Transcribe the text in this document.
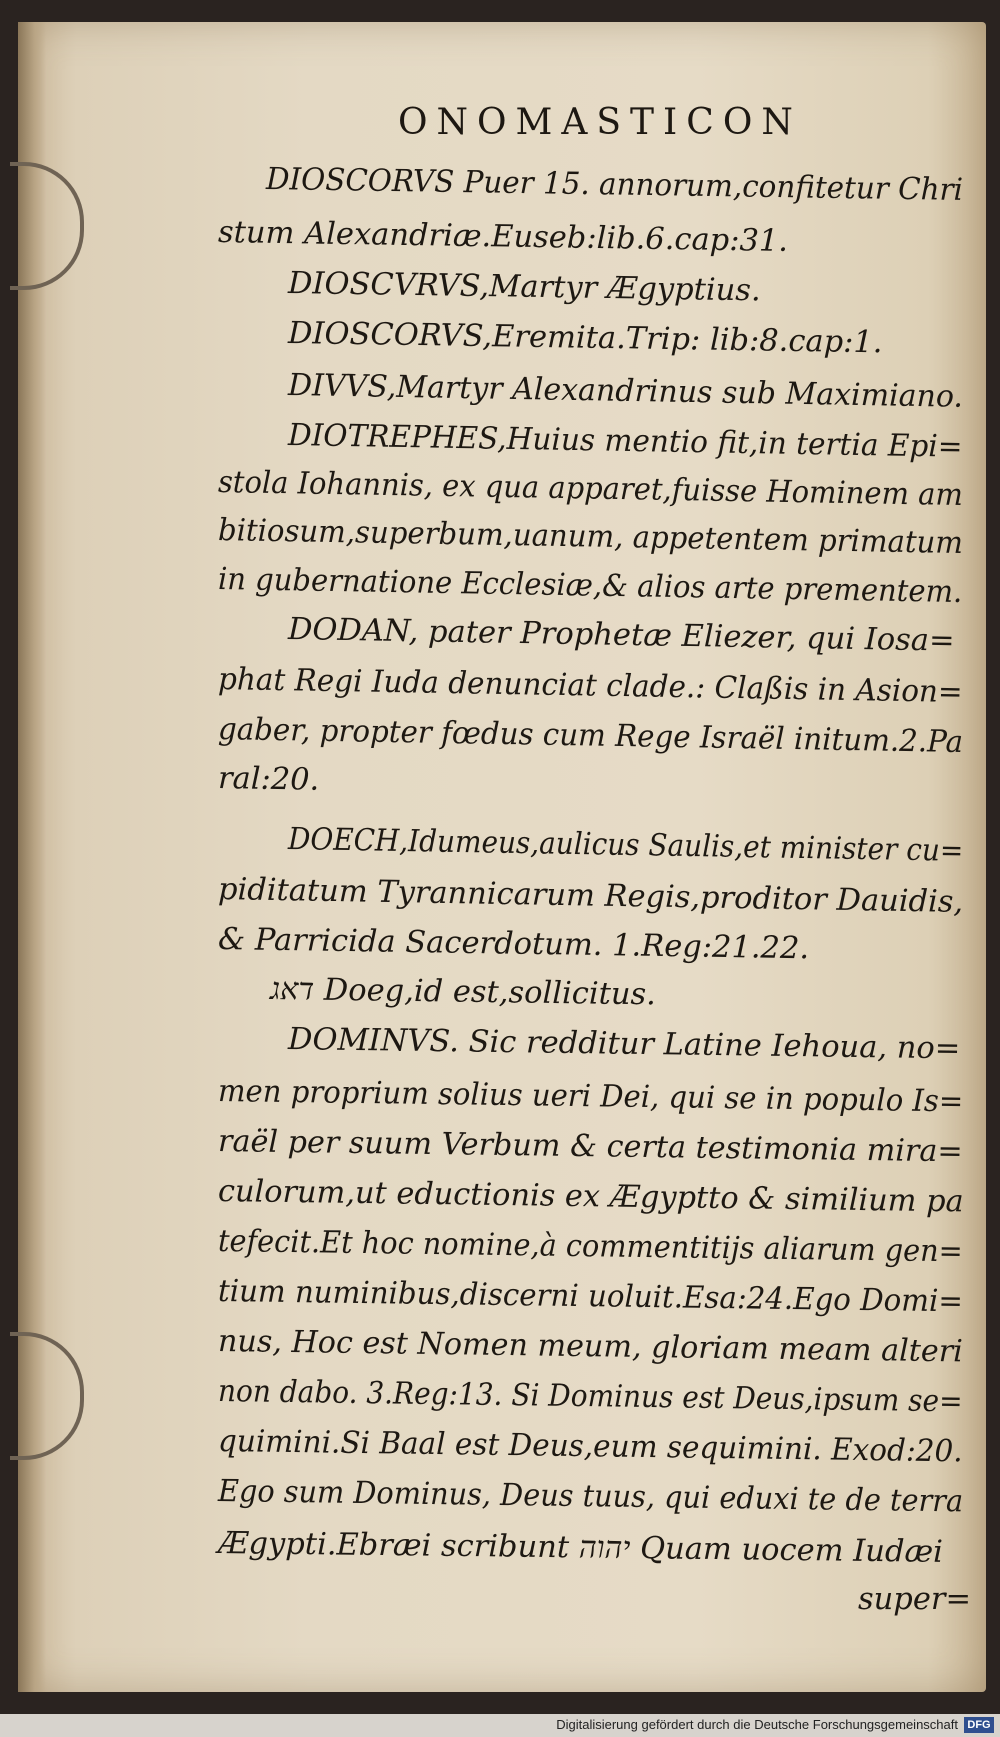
ONOMASTICON
DIOSCORVS Puer 15. annorum,confitetur Chri
stum Alexandriæ.Euseb:lib.6.cap:31.
DIOSCVRVS,Martyr Ægyptius.
DIOSCORVS,Eremita.Trip: lib:8.cap:1.
DIVVS,Martyr Alexandrinus sub Maximiano.
DIOTREPHES,Huius mentio fit,in tertia Epi=
stola Iohannis, ex qua apparet,fuisse Hominem am
bitiosum,superbum,uanum, appetentem primatum
in gubernatione Ecclesiæ,& alios arte prementem.
DODAN, pater Prophetæ Eliezer, qui Iosa=
phat Regi Iuda denunciat clade.: Claßis in Asion=
gaber, propter fœdus cum Rege Israël initum.2.Pa
ral:20.
DOECH,Idumeus,aulicus Saulis,et minister cu=
piditatum Tyrannicarum Regis,proditor Dauidis,
& Parricida Sacerdotum. 1.Reg:21.22.
דאג Doeg,id est,sollicitus.
DOMINVS. Sic redditur Latine Iehoua, no=
men proprium solius ueri Dei, qui se in populo Is=
raël per suum Verbum & certa testimonia mira=
culorum,ut eductionis ex Ægyptto & similium pa
tefecit.Et hoc nomine,à commentitijs aliarum gen=
tium numinibus,discerni uoluit.Esa:24.Ego Domi=
nus, Hoc est Nomen meum, gloriam meam alteri
non dabo. 3.Reg:13. Si Dominus est Deus,ipsum se=
quimini.Si Baal est Deus,eum sequimini. Exod:20.
Ego sum Dominus, Deus tuus, qui eduxi te de terra
Ægypti.Ebræi scribunt יהוה Quam uocem Iudæi
super=
Digitalisierung gefördert durch die Deutsche Forschungsgemeinschaft DFG
